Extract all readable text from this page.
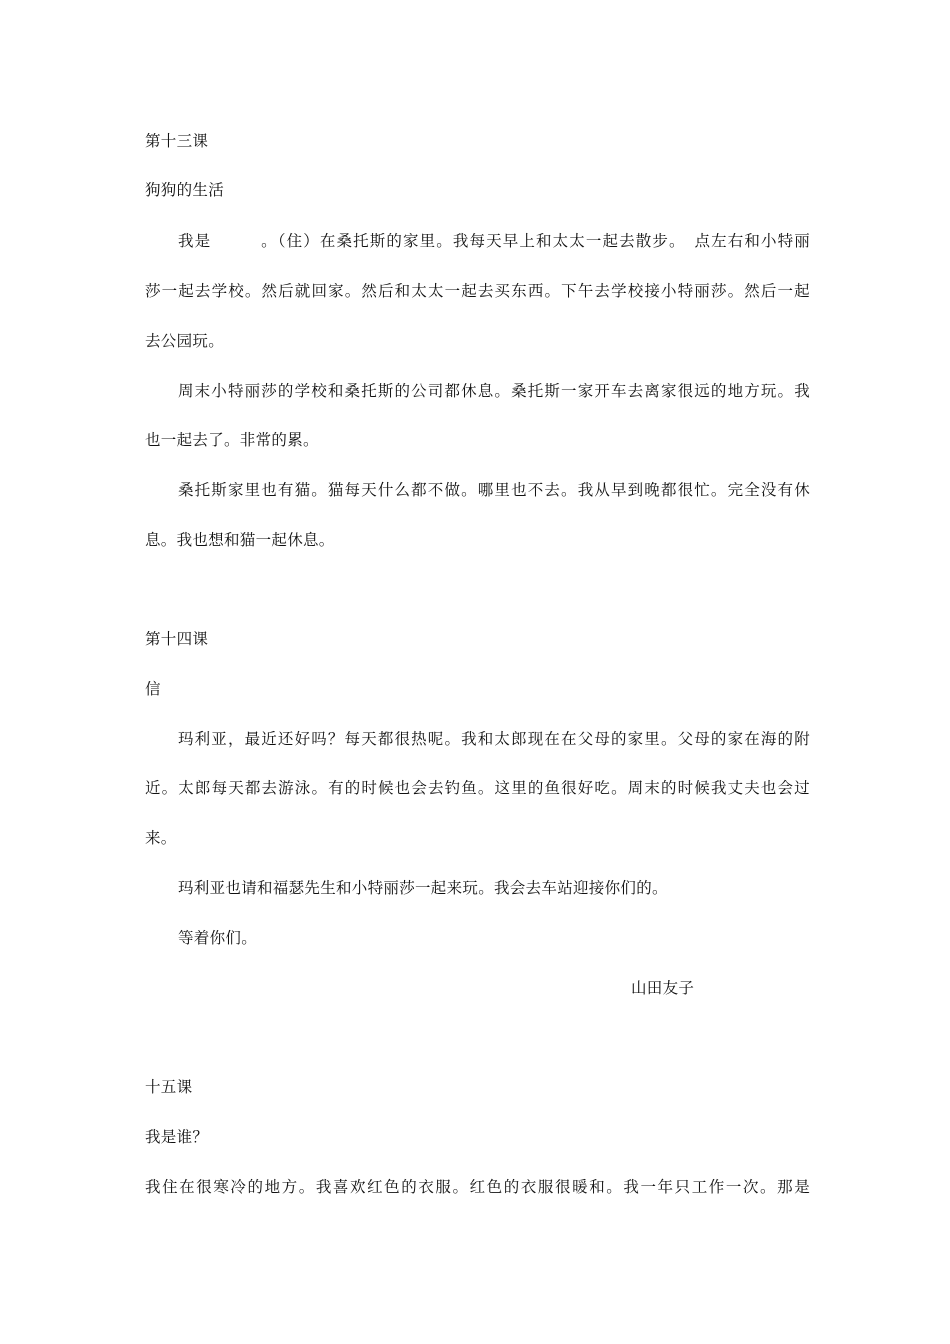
第十三课
狗狗的生活
我是　　　。（住）在桑托斯的家里。我每天早上和太太一起去散步。　点左右和小特丽
莎一起去学校。然后就回家。然后和太太一起去买东西。下午去学校接小特丽莎。然后一起
去公园玩。
周末小特丽莎的学校和桑托斯的公司都休息。桑托斯一家开车去离家很远的地方玩。我
也一起去了。非常的累。
桑托斯家里也有猫。猫每天什么都不做。哪里也不去。我从早到晚都很忙。完全没有休
息。我也想和猫一起休息。
第十四课
信
玛利亚，最近还好吗？每天都很热呢。我和太郎现在在父母的家里。父母的家在海的附
近。太郎每天都去游泳。有的时候也会去钓鱼。这里的鱼很好吃。周末的时候我丈夫也会过
来。
玛利亚也请和福瑟先生和小特丽莎一起来玩。我会去车站迎接你们的。
等着你们。
山田友子
十五课
我是谁？
我住在很寒冷的地方。我喜欢红色的衣服。红色的衣服很暖和。我一年只工作一次。那是
